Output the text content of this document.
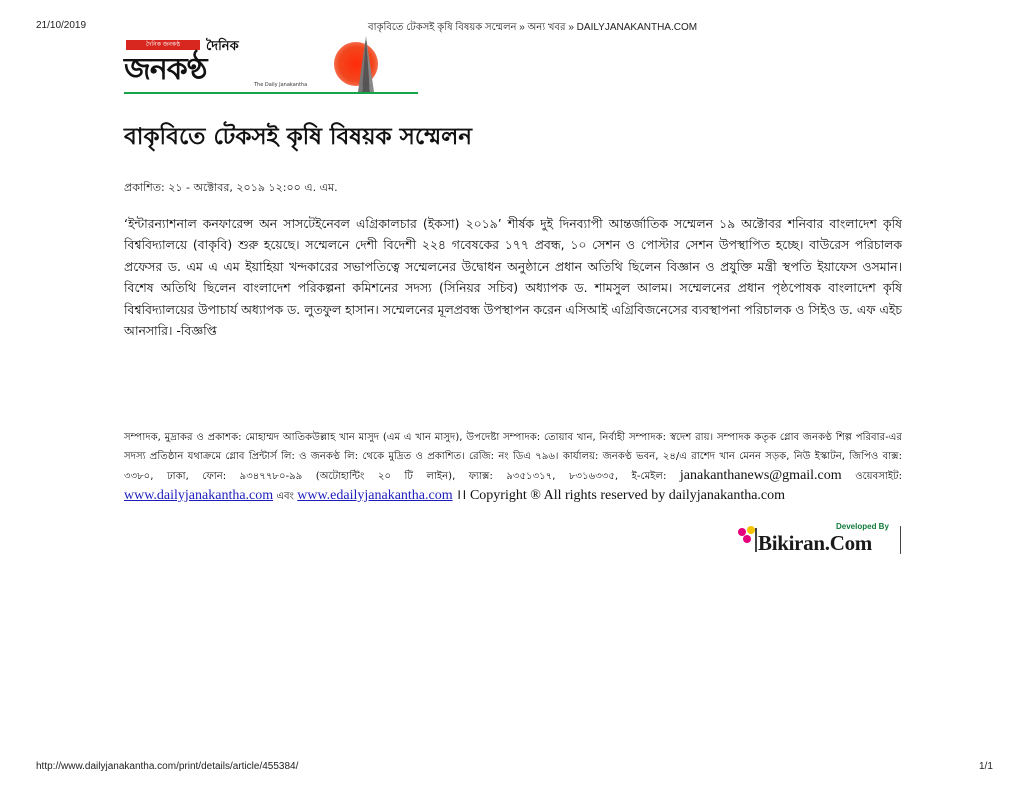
21/10/2019	বাকৃবিতে টেকসই কৃষি বিষয়ক সম্মেলন » অন্য খবর » DAILYJANAKANTHA.COM
দৈনিক জনকণ্ঠ	দৈনিক
জনকণ্ঠ	The Daily Janakantha
বাকৃবিতে টেকসই কৃষি বিষয়ক সম্মেলন
প্রকাশিত: ২১ - অক্টোবর, ২০১৯ ১২:০০ এ. এম.

‘ইন্টারন্যাশনাল কনফারেন্স অন সাসটেইনেবল এগ্রিকালচার (ইকসা) ২০১৯’ শীর্ষক দুই দিনব্যাপী আন্তর্জাতিক সম্মেলন ১৯ অক্টোবর শনিবার বাংলাদেশ কৃষি বিশ্ববিদ্যালয়ে (বাকৃবি) শুরু হয়েছে। সম্মেলনে দেশী বিদেশী ২২৪ গবেষকের ১৭৭ প্রবন্ধ, ১০ সেশন ও পোস্টার সেশন উপস্থাপিত হচ্ছে। বাউরেস পরিচালক প্রফেসর ড. এম এ এম ইয়াহিয়া খন্দকারের সভাপতিত্বে সম্মেলনের উদ্বোধন অনুষ্ঠানে প্রধান অতিথি ছিলেন বিজ্ঞান ও প্রযুক্তি মন্ত্রী স্থপতি ইয়াফেস ওসমান। বিশেষ অতিথি ছিলেন বাংলাদেশ পরিকল্পনা কমিশনের সদস্য (সিনিয়র সচিব) অধ্যাপক ড. শামসুল আলম। সম্মেলনের প্রধান পৃষ্ঠপোষক বাংলাদেশ কৃষি বিশ্ববিদ্যালয়ের উপাচার্য অধ্যাপক ড. লুতফুল হাসান। সম্মেলনের মূলপ্রবন্ধ উপস্থাপন করেন এসিআই এগ্রিবিজনেসের ব্যবস্থাপনা পরিচালক ও সিইও ড. এফ এইচ আনসারি। -বিজ্ঞপ্তি

সম্পাদক, মুদ্রাকর ও প্রকাশক: মোহাম্মদ আতিকউল্লাহ খান মাসুদ (এম এ খান মাসুদ), উপদেষ্টা সম্পাদক: তোয়াব খান, নির্বাহী সম্পাদক: স্বদেশ রায়। সম্পাদক কতৃক গ্লোব জনকণ্ঠ শিল্প পরিবার-এর সদস্য প্রতিষ্ঠান যথাক্রমে গ্লোব প্রিন্টার্স লি: ও জনকণ্ঠ লি: থেকে মুদ্রিত ও প্রকাশিত। রেজি: নং ডিএ ৭৯৬। কার্যালয়: জনকণ্ঠ ভবন, ২৪/এ রাশেদ খান মেনন সড়ক, নিউ ইস্কাটন, জিপিও বাক্স: ৩৩৮০, ঢাকা, ফোন: ৯৩৪৭৭৮০-৯৯ (অটোহান্টিং ২০ টি লাইন), ফ্যাক্স: ৯৩৫১৩১৭, ৮৩১৬৩৩৫, ই-মেইল: janakanthanews@gmail.com ওয়েবসাইট: www.dailyjanakantha.com এবং www.edailyjanakantha.com ।। Copyright ® All rights reserved by dailyjanakantha.com
Developed By
Bikiran.Com
http://www.dailyjanakantha.com/print/details/article/455384/	1/1
